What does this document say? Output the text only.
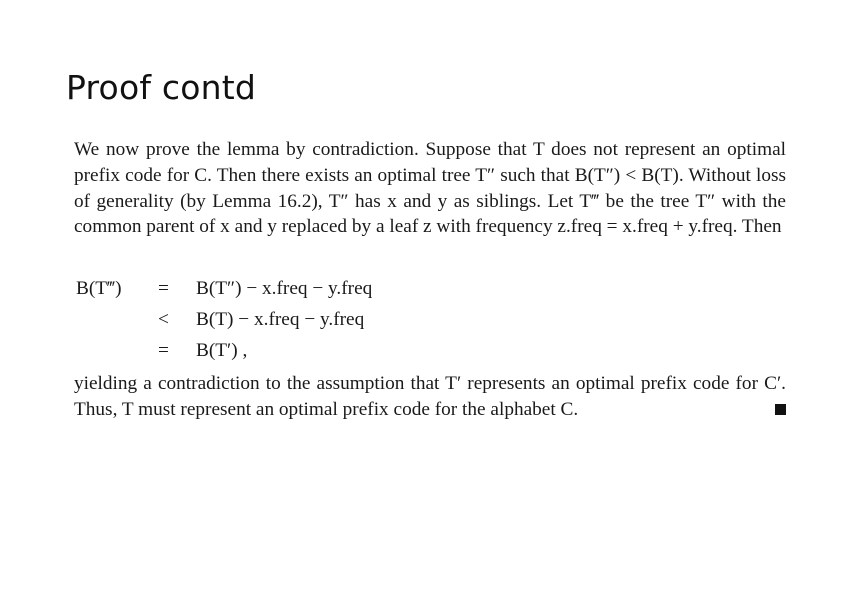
Proof contd
We now prove the lemma by contradiction. Suppose that T does not represent an optimal prefix code for C. Then there exists an optimal tree T″ such that B(T″) < B(T). Without loss of generality (by Lemma 16.2), T″ has x and y as siblings. Let T‴ be the tree T″ with the common parent of x and y replaced by a leaf z with frequency z.freq = x.freq + y.freq. Then
B(T‴) = B(T″) − x.freq − y.freq
< B(T) − x.freq − y.freq
= B(T′) ,
yielding a contradiction to the assumption that T′ represents an optimal prefix code for C′. Thus, T must represent an optimal prefix code for the alphabet C.
